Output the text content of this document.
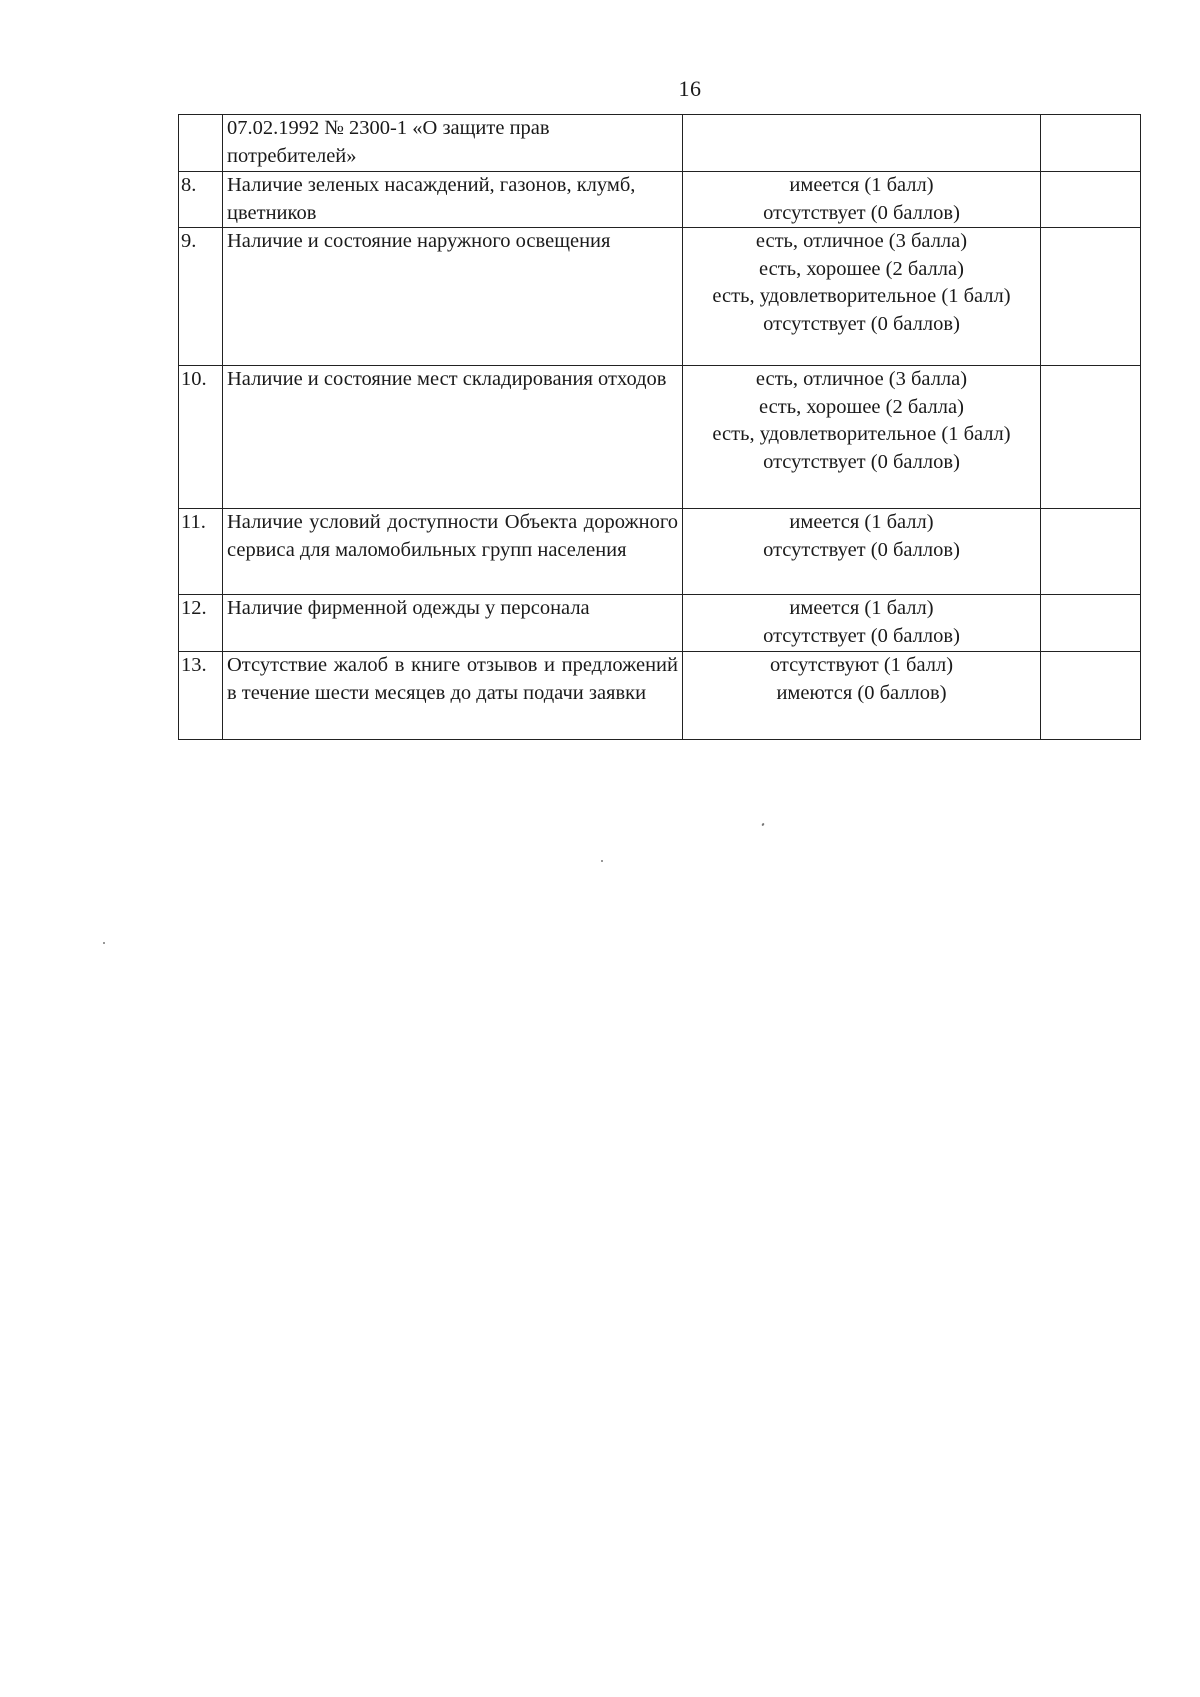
16
	07.02.1992 № 2300-1 «О защите прав потребителей»		
8.	Наличие зеленых насаждений, газонов, клумб, цветников	имеется (1 балл)
отсутствует (0 баллов)	

9.	Наличие и состояние наружного освещения	есть, отличное (3 балла)
есть, хорошее (2 балла)
есть, удовлетворительное (1 балл)
отсутствует (0 баллов)	

10.	Наличие и состояние мест складирования отходов	есть, отличное (3 балла)
есть, хорошее (2 балла)
есть, удовлетворительное (1 балл)
отсутствует (0 баллов)	

11.	Наличие условий доступности Объекта дорожного сервиса для маломобильных групп населения	имеется (1 балл)
отсутствует (0 баллов)	

12.	Наличие фирменной одежды у персонала	имеется (1 балл)
отсутствует (0 баллов)	

13.	Отсутствие жалоб в книге отзывов и предложений в течение шести месяцев до даты подачи заявки	отсутствуют (1 балл)
имеются (0 баллов)	
